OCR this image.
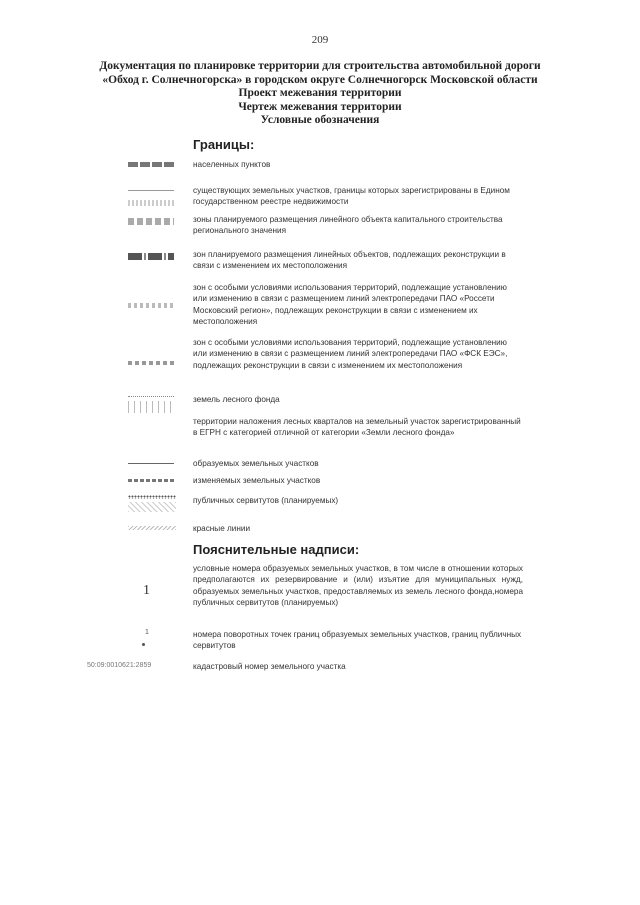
209
Документация по планировке территории для строительства автомобильной дороги
«Обход г. Солнечногорска» в городском округе Солнечногорск Московской области
Проект межевания территории
Чертеж межевания территории
Условные обозначения
Границы:
населенных пунктов
существующих земельных участков, границы которых зарегистрированы в Едином государственном реестре недвижимости
зоны планируемого размещения линейного объекта капитального строительства регионального значения
зон планируемого размещения линейных объектов, подлежащих реконструкции в связи с изменением их местоположения
зон с особыми условиями использования территорий, подлежащие установлению или изменению в связи с размещением линий электропередачи ПАО «Россети Московский регион», подлежащих реконструкции в связи с изменением их местоположения
зон с особыми условиями использования территорий, подлежащие установлению или изменению в связи с размещением линий электропередачи ПАО «ФСК ЕЭС», подлежащих реконструкции в связи с изменением их местоположения
земель лесного фонда
территории наложения лесных кварталов на земельный участок зарегистрированный в ЕГРН с категорией отличной от категории «Земли лесного фонда»
образуемых земельных участков
изменяемых земельных участков
публичных сервитутов (планируемых)
красные линии
Пояснительные надписи:
1
условные номера образуемых земельных участков, в том числе в отношении которых предполагаются их резервирование и (или) изъятие для муниципальных нужд, образуемых земельных участков, предоставляемых из земель лесного фонда,номера публичных сервитутов (планируемых)
1	номера поворотных точек границ образуемых земельных участков, границ публичных сервитутов
50:09:0010621:2859	кадастровый номер земельного участка
